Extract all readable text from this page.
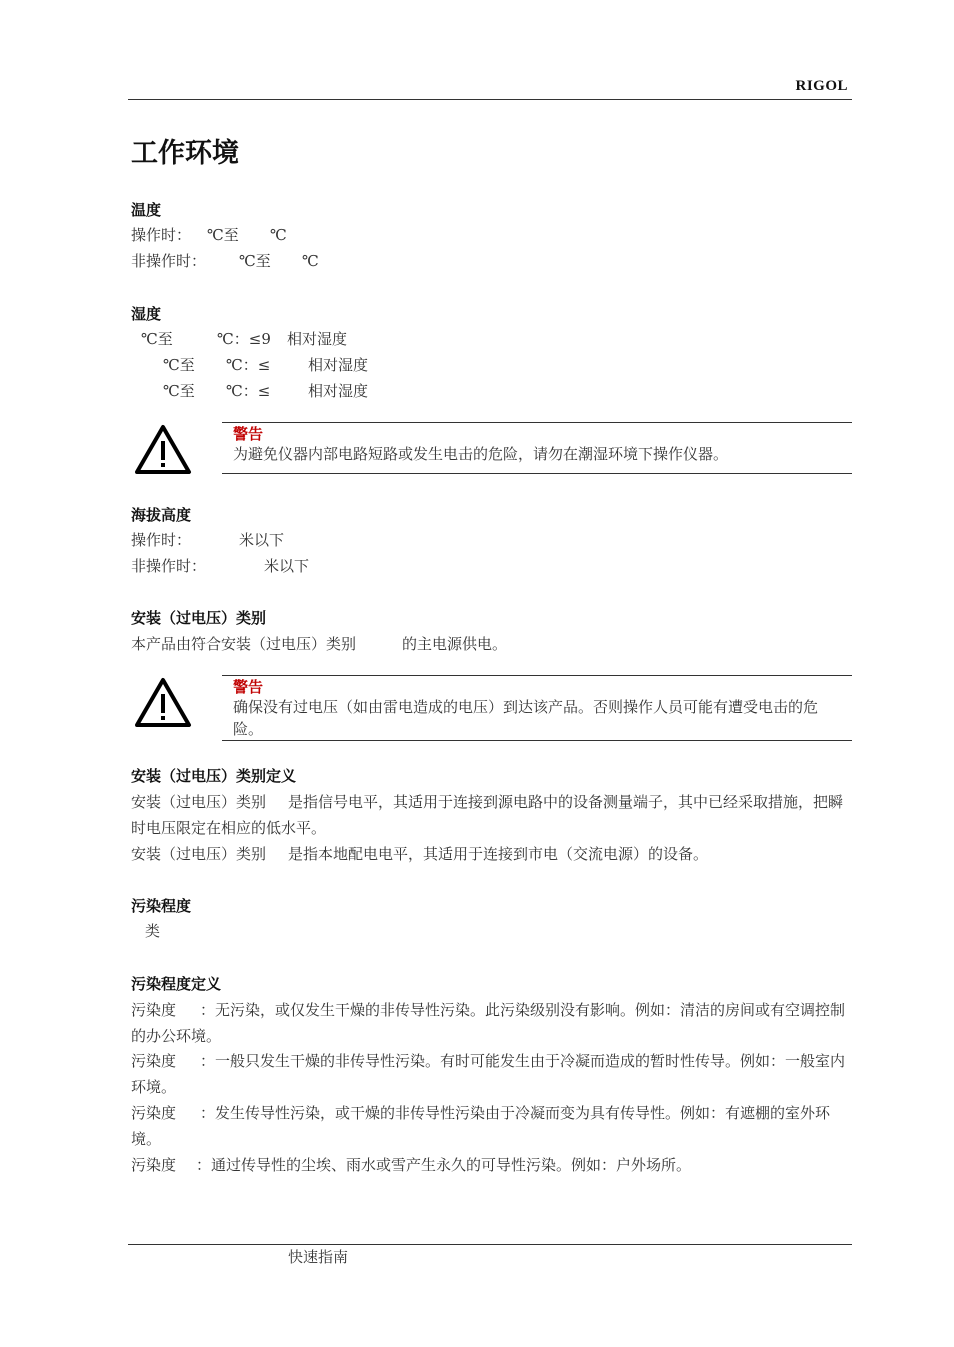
RIGOL
工作环境
温度
操作时： ℃至 ℃
非操作时： ℃至 ℃
湿度
℃至	℃：≤9 相对湿度
℃至 ℃：≤	相对湿度
℃至 ℃：≤	相对湿度
警告
为避免仪器内部电路短路或发生电击的危险，请勿在潮湿环境下操作仪器。
海拔高度
操作时：	米以下
非操作时：	米以下
安装（过电压）类别
本产品由符合安装（过电压）类别	的主电源供电。
警告
确保没有过电压（如由雷电造成的电压）到达该产品。否则操作人员可能有遭受电击的危险。
安装（过电压）类别定义
安装（过电压）类别 是指信号电平，其适用于连接到源电路中的设备测量端子，其中已经采取措施，把瞬时电压限定在相应的低水平。
安装（过电压）类别 是指本地配电电平，其适用于连接到市电（交流电源）的设备。
污染程度
类
污染程度定义
污染度 ：无污染，或仅发生干燥的非传导性污染。此污染级别没有影响。例如：清洁的房间或有空调控制的办公环境。
污染度 ：一般只发生干燥的非传导性污染。有时可能发生由于冷凝而造成的暂时性传导。例如：一般室内环境。
污染度 ：发生传导性污染，或干燥的非传导性污染由于冷凝而变为具有传导性。例如：有遮棚的室外环境。
污染度 ：通过传导性的尘埃、雨水或雪产生永久的可导性污染。例如：户外场所。
快速指南
